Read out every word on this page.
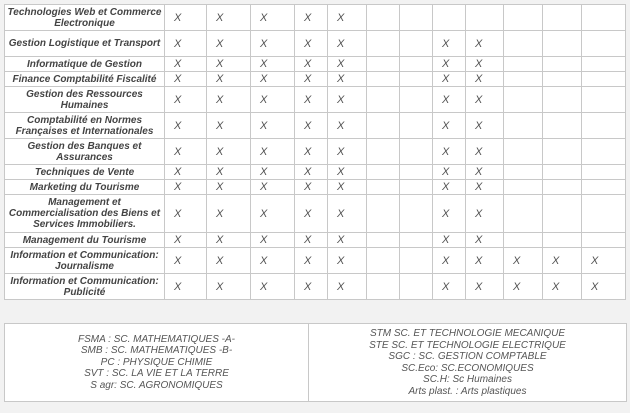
Technologies Web et Commerce Electronique	X	X	X	X	X							
Gestion Logistique et Transport	X	X	X	X	X			X	X			
Informatique de Gestion	X	X	X	X	X			X	X			
Finance Comptabilité Fiscalité	X	X	X	X	X			X	X			
Gestion des Ressources Humaines	X	X	X	X	X			X	X			
Comptabilité en Normes Françaises et Internationales	X	X	X	X	X			X	X			
Gestion des Banques et Assurances	X	X	X	X	X			X	X			
Techniques de Vente	X	X	X	X	X			X	X			
Marketing du Tourisme	X	X	X	X	X			X	X			
Management et Commercialisation des Biens et Services Immobiliers.	X	X	X	X	X			X	X			
Management du Tourisme	X	X	X	X	X			X	X			
Information et Communication: Journalisme	X	X	X	X	X			X	X	X	X	X
Information et Communication: Publicité	X	X	X	X	X			X	X	X	X	X
FSMA : SC. MATHEMATIQUES -A-
SMB : SC. MATHEMATIQUES -B-
PC : PHYSIQUE CHIMIE
SVT : SC. LA VIE ET LA TERRE
S agr: SC. AGRONOMIQUES
STM SC. ET TECHNOLOGIE MECANIQUE
STE SC. ET TECHNOLOGIE ELECTRIQUE
SGC : SC. GESTION COMPTABLE
SC.Eco: SC.ECONOMIQUES
SC.H: Sc Humaines
Arts plast. : Arts plastiques
